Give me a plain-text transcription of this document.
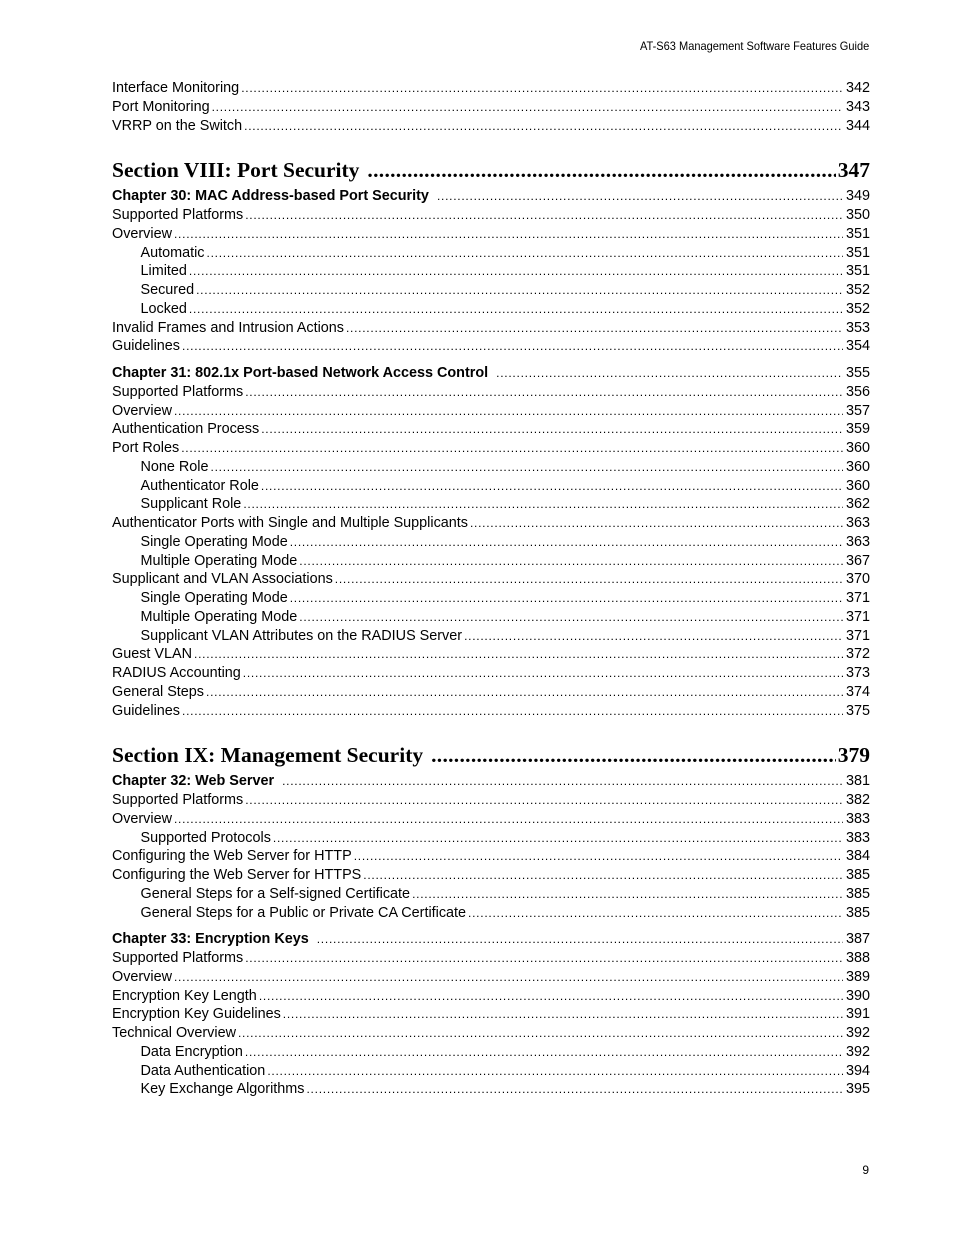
AT-S63 Management Software Features Guide
Interface Monitoring . . .	342
Port Monitoring . . .	343
VRRP on the Switch . . .	344
Section VIII: Port Security .....	347
Chapter 30: MAC Address-based Port Security . . .	349
Supported Platforms . . .	350
Overview . . .	351
Automatic . . .	351
Limited . . .	351
Secured . . .	352
Locked . . .	352
Invalid Frames and Intrusion Actions . . .	353
Guidelines . . .	354
Chapter 31: 802.1x Port-based Network Access Control . . .	355
Supported Platforms . . .	356
Overview . . .	357
Authentication Process . . .	359
Port Roles . . .	360
None Role . . .	360
Authenticator Role . . .	360
Supplicant Role . . .	362
Authenticator Ports with Single and Multiple Supplicants . . .	363
Single Operating Mode . . .	363
Multiple Operating Mode . . .	367
Supplicant and VLAN Associations . . .	370
Single Operating Mode . . .	371
Multiple Operating Mode . . .	371
Supplicant VLAN Attributes on the RADIUS Server . . .	371
Guest VLAN . . .	372
RADIUS Accounting . . .	373
General Steps . . .	374
Guidelines . . .	375
Section IX: Management Security .....	379
Chapter 32: Web Server . . .	381
Supported Platforms . . .	382
Overview . . .	383
Supported Protocols . . .	383
Configuring the Web Server for HTTP . . .	384
Configuring the Web Server for HTTPS . . .	385
General Steps for a Self-signed Certificate . . .	385
General Steps for a Public or Private CA Certificate . . .	385
Chapter 33: Encryption Keys . . .	387
Supported Platforms . . .	388
Overview . . .	389
Encryption Key Length . . .	390
Encryption Key Guidelines . . .	391
Technical Overview . . .	392
Data Encryption . . .	392
Data Authentication . . .	394
Key Exchange Algorithms . . .	395
9
